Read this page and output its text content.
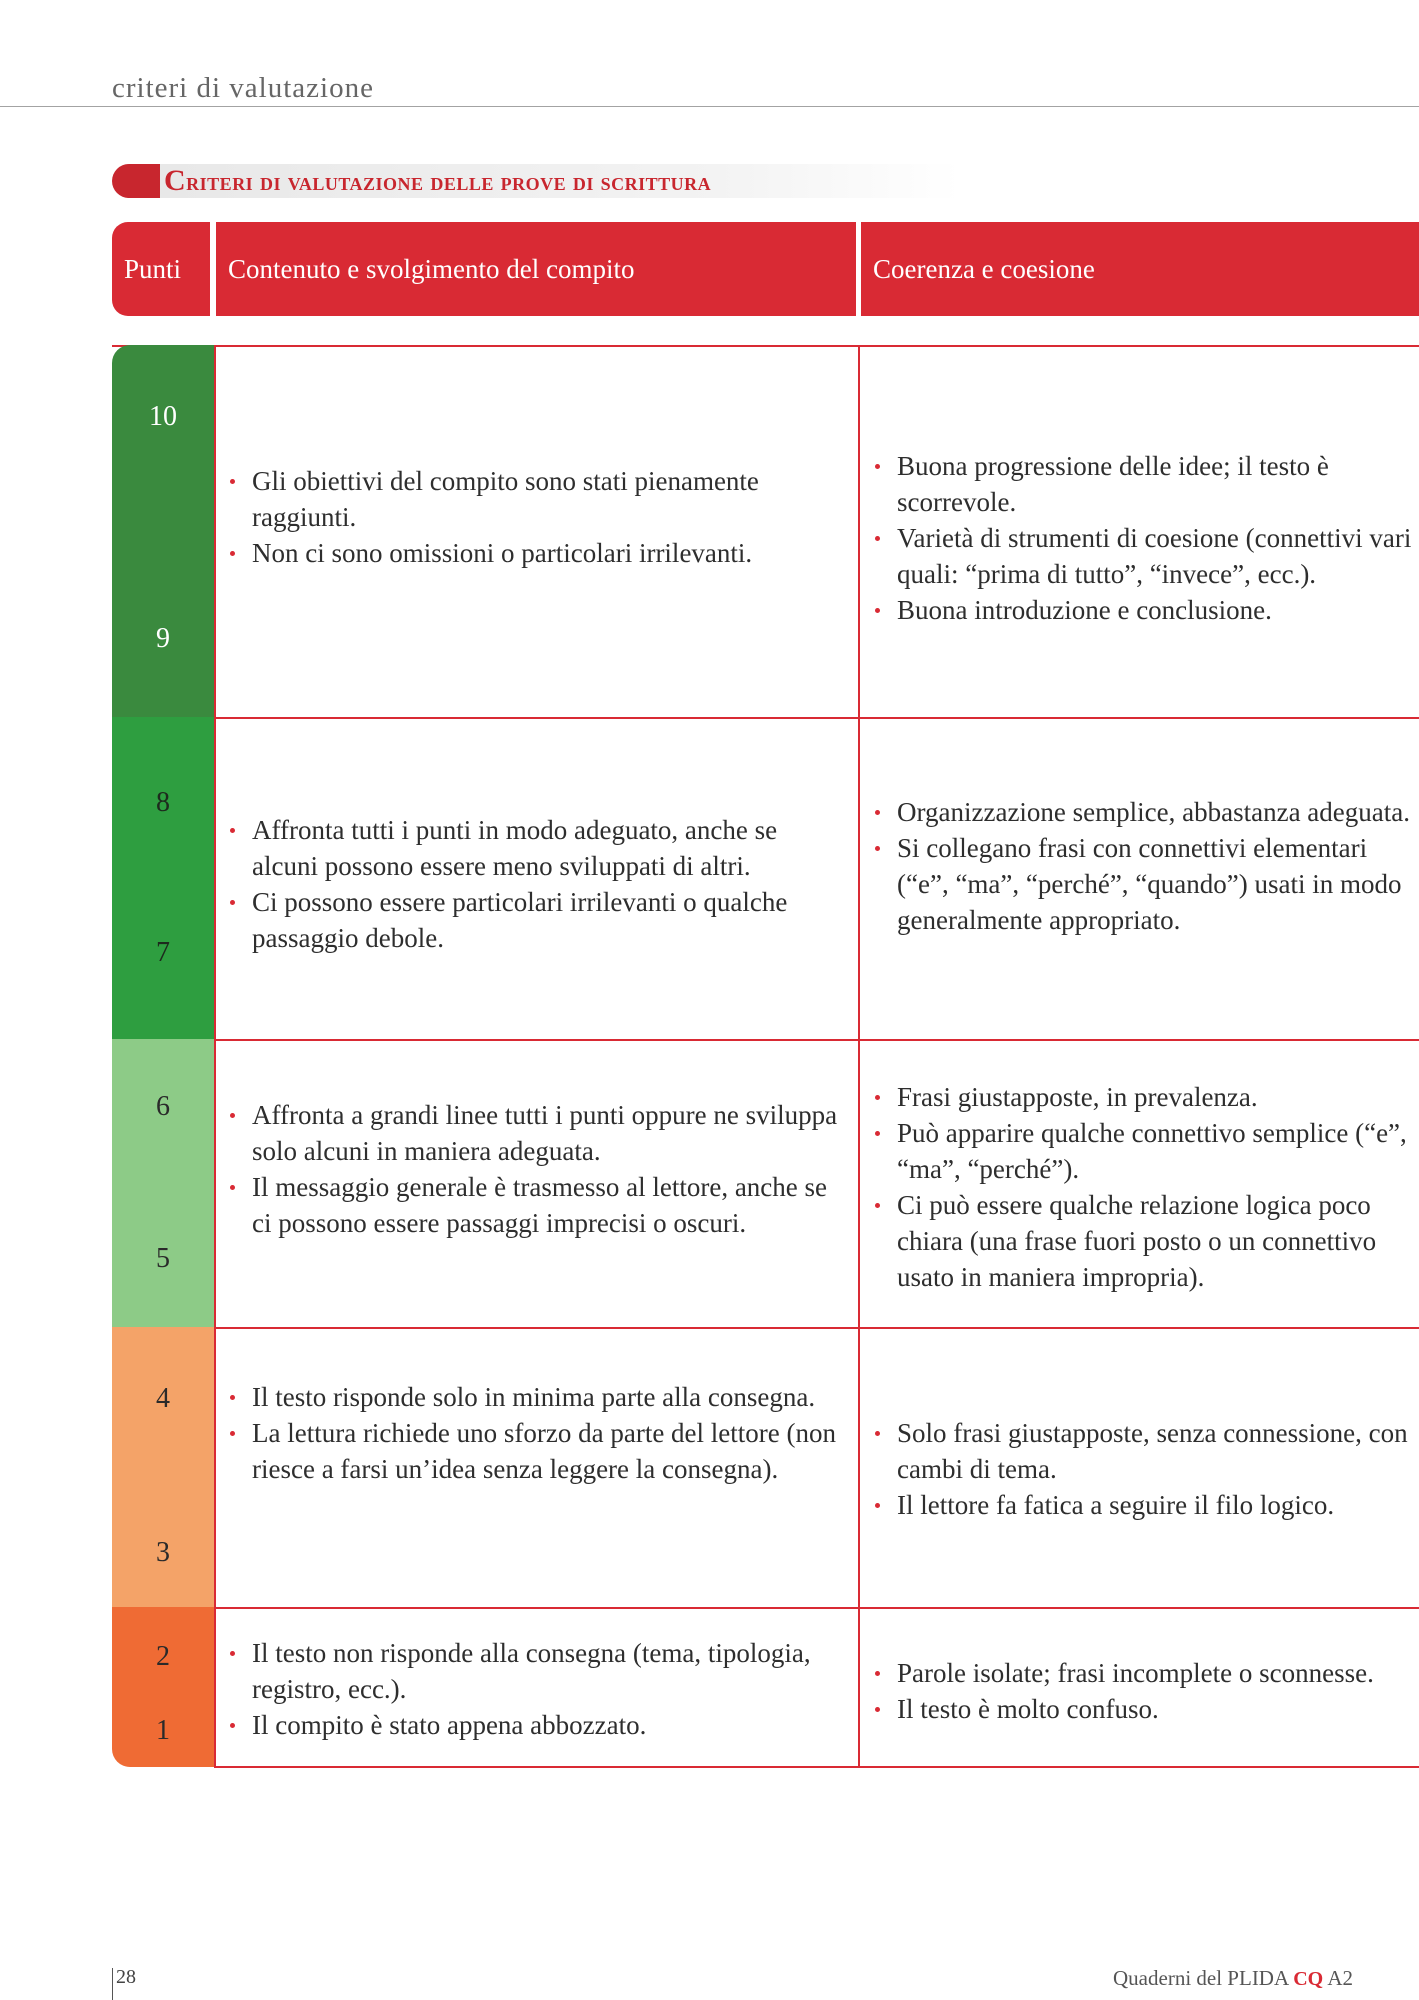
criteri di valutazione
Criteri di valutazione delle prove di scrittura
Punti Contenuto e svolgimento del compito	Coerenza e coesione
10
9
8
7
6
5
4
3
2
1
Gli obiettivi del compito sono stati pienamente raggiunti.
Non ci sono omissioni o particolari irrilevanti.
Buona progressione delle idee; il testo è scorrevole.
Varietà di strumenti di coesione (connettivi vari quali: “prima di tutto”, “invece”, ecc.).
Buona introduzione e conclusione.
Affronta tutti i punti in modo adeguato, anche se alcuni possono essere meno sviluppati di altri.
Ci possono essere particolari irrilevanti o qualche passaggio debole.
Organizzazione semplice, abbastanza adeguata.
Si collegano frasi con connettivi elementari (“e”, “ma”, “perché”, “quando”) usati in modo generalmente appropriato.
Affronta a grandi linee tutti i punti oppure ne sviluppa solo alcuni in maniera adeguata.
Il messaggio generale è trasmesso al lettore, anche se ci possono essere passaggi imprecisi o oscuri.
Frasi giustapposte, in prevalenza.
Può apparire qualche connettivo semplice (“e”, “ma”, “perché”).
Ci può essere qualche relazione logica poco chiara (una frase fuori posto o un connettivo usato in maniera impropria).
Il testo risponde solo in minima parte alla consegna.
La lettura richiede uno sforzo da parte del lettore (non riesce a farsi un’idea senza leggere la consegna).
Solo frasi giustapposte, senza connessione, con cambi di tema.
Il lettore fa fatica a seguire il filo logico.
Il testo non risponde alla consegna (tema, tipologia, registro, ecc.).
Il compito è stato appena abbozzato.
Parole isolate; frasi incomplete o sconnesse.
Il testo è molto confuso.
28	Quaderni del PLIDA CQ A2
